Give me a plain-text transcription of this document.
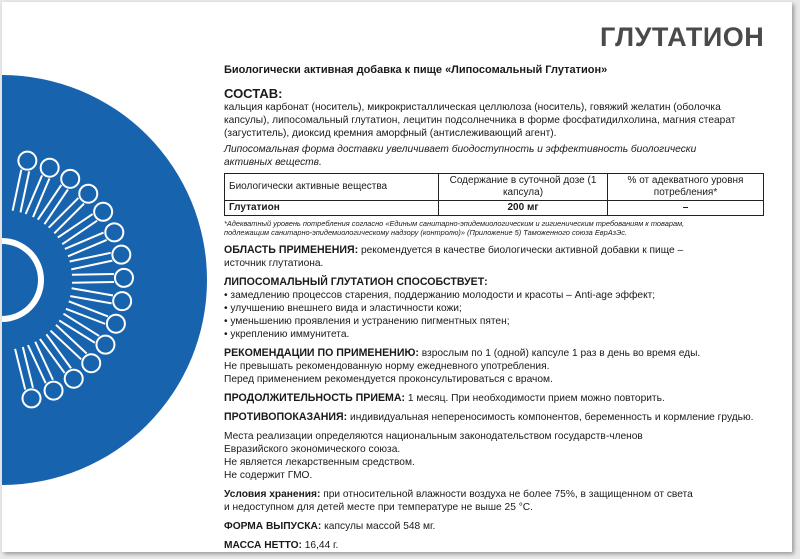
ГЛУТАТИОН

Биологически активная добавка к пище «Липосомальный Глутатион»

СОСТАВ:

кальция карбонат (носитель), микрокристаллическая целлюлоза (носитель), говяжий желатин (оболочка

капсулы), липосомальный глутатион, лецитин подсолнечника в форме фосфатидилхолина, магния стеарат

(загуститель), диоксид кремния аморфный (антислеживающий агент).

Липосомальная форма доставки увеличивает биодоступность и эффективность биологически
активных веществ.
Биологически активные вещества	Содержание в суточной дозе (1 капсула)	% от адекватного уровня потребления*
Глутатион	200 мг	–
*Адекватный уровень потребления согласно «Единым санитарно-эпидемиологическим и гигиеническим требованиям к товарам,
подлежащим санитарно-эпидемиологическому надзору (контролю)» (Приложение 5) Таможенного союза ЕврАзЭс.
ОБЛАСТЬ ПРИМЕНЕНИЯ: рекомендуется в качестве биологически активной добавки к пище –
источник глутатиона.
ЛИПОСОМАЛЬНЫЙ ГЛУТАТИОН СПОСОБСТВУЕТ:
• замедлению процессов старения, поддержанию молодости и красоты – Anti-age эффект;
• улучшению внешнего вида и эластичности кожи;
• уменьшению проявления и устранению пигментных пятен;
• укреплению иммунитета.
РЕКОМЕНДАЦИИ ПО ПРИМЕНЕНИЮ: взрослым по 1 (одной) капсуле 1 раз в день во время еды.
Не превышать рекомендованную норму ежедневного употребления.
Перед применением рекомендуется проконсультироваться с врачом.
ПРОДОЛЖИТЕЛЬНОСТЬ ПРИЕМА: 1 месяц. При необходимости прием можно повторить.
ПРОТИВОПОКАЗАНИЯ: индивидуальная непереносимость компонентов, беременность и кормление грудью.
Места реализации определяются национальным законодательством государств-членов
Евразийского экономического союза.
Не является лекарственным средством.
Не содержит ГМО.
Условия хранения: при относительной влажности воздуха не более 75%, в защищенном от света
и недоступном для детей месте при температуре не выше 25 °С.
ФОРМА ВЫПУСКА: капсулы массой 548 мг.
МАССА НЕТТО: 16,44 г.
